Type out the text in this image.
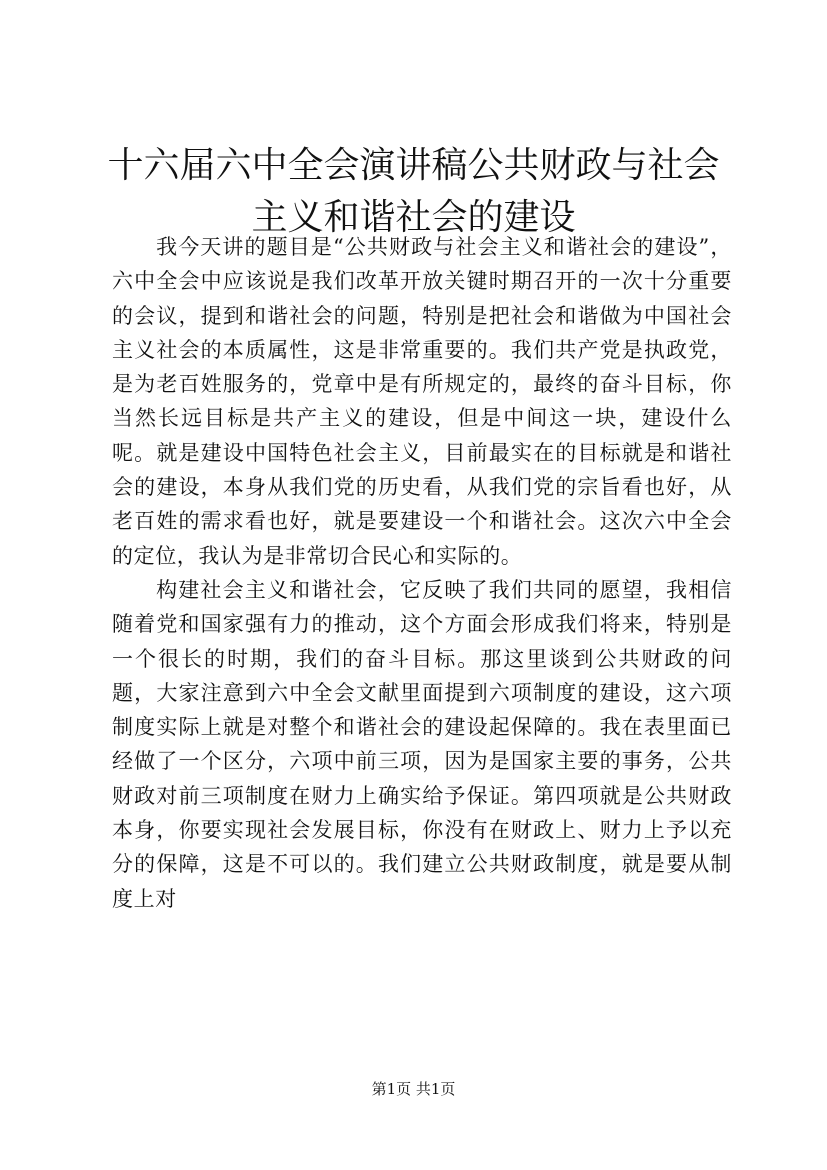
十六届六中全会演讲稿公共财政与社会主义和谐社会的建设

我今天讲的题目是“公共财政与社会主义和谐社会的建设”，六中全会中应该说是我们改革开放关键时期召开的一次十分重要的会议，提到和谐社会的问题，特别是把社会和谐做为中国社会主义社会的本质属性，这是非常重要的。我们共产党是执政党，是为老百姓服务的，党章中是有所规定的，最终的奋斗目标，你当然长远目标是共产主义的建设，但是中间这一块，建设什么呢。就是建设中国特色社会主义，目前最实在的目标就是和谐社会的建设，本身从我们党的历史看，从我们党的宗旨看也好，从老百姓的需求看也好，就是要建设一个和谐社会。这次六中全会的定位，我认为是非常切合民心和实际的。

构建社会主义和谐社会，它反映了我们共同的愿望，我相信随着党和国家强有力的推动，这个方面会形成我们将来，特别是一个很长的时期，我们的奋斗目标。那这里谈到公共财政的问题，大家注意到六中全会文献里面提到六项制度的建设，这六项制度实际上就是对整个和谐社会的建设起保障的。我在表里面已经做了一个区分，六项中前三项，因为是国家主要的事务，公共财政对前三项制度在财力上确实给予保证。第四项就是公共财政本身，你要实现社会发展目标，你没有在财政上、财力上予以充分的保障，这是不可以的。我们建立公共财政制度，就是要从制度上对

第1页 共1页
